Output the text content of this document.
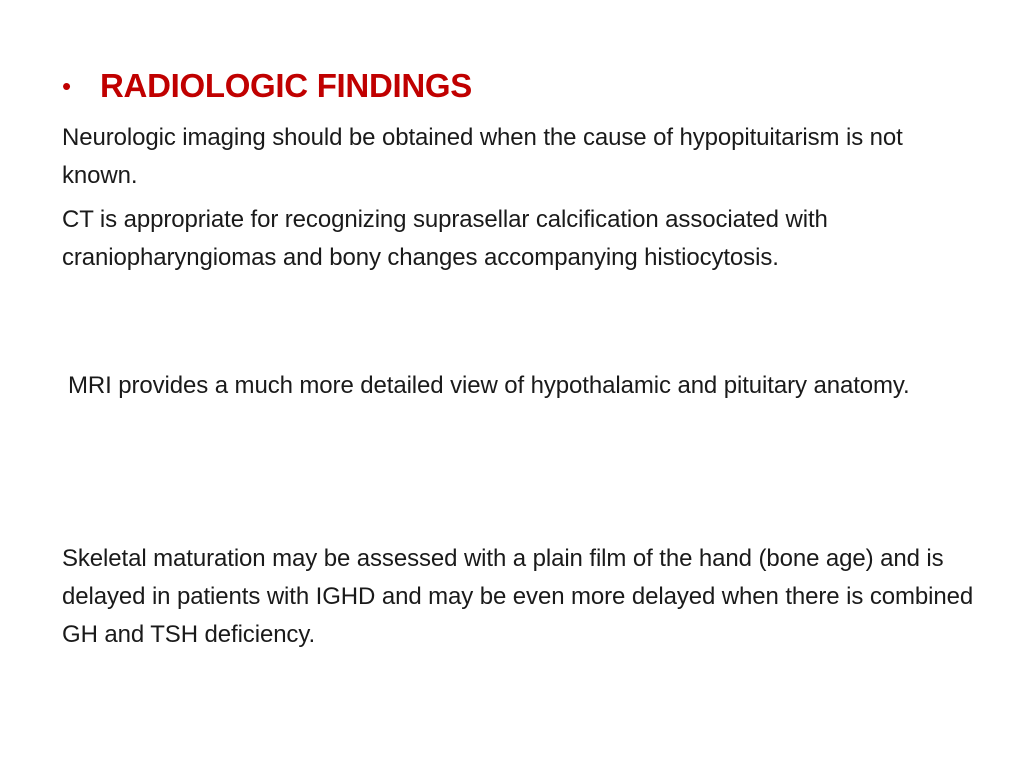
• RADIOLOGIC FINDINGS

Neurologic imaging should be obtained when the cause of hypopituitarism is not known.

CT is appropriate for recognizing suprasellar calcification associated with craniopharyngiomas and bony changes accompanying histiocytosis.

MRI provides a much more detailed view of hypothalamic and pituitary anatomy.

Skeletal maturation may be assessed with a plain film of the hand (bone age) and is delayed in patients with IGHD and may be even more delayed when there is combined GH and TSH deficiency.
